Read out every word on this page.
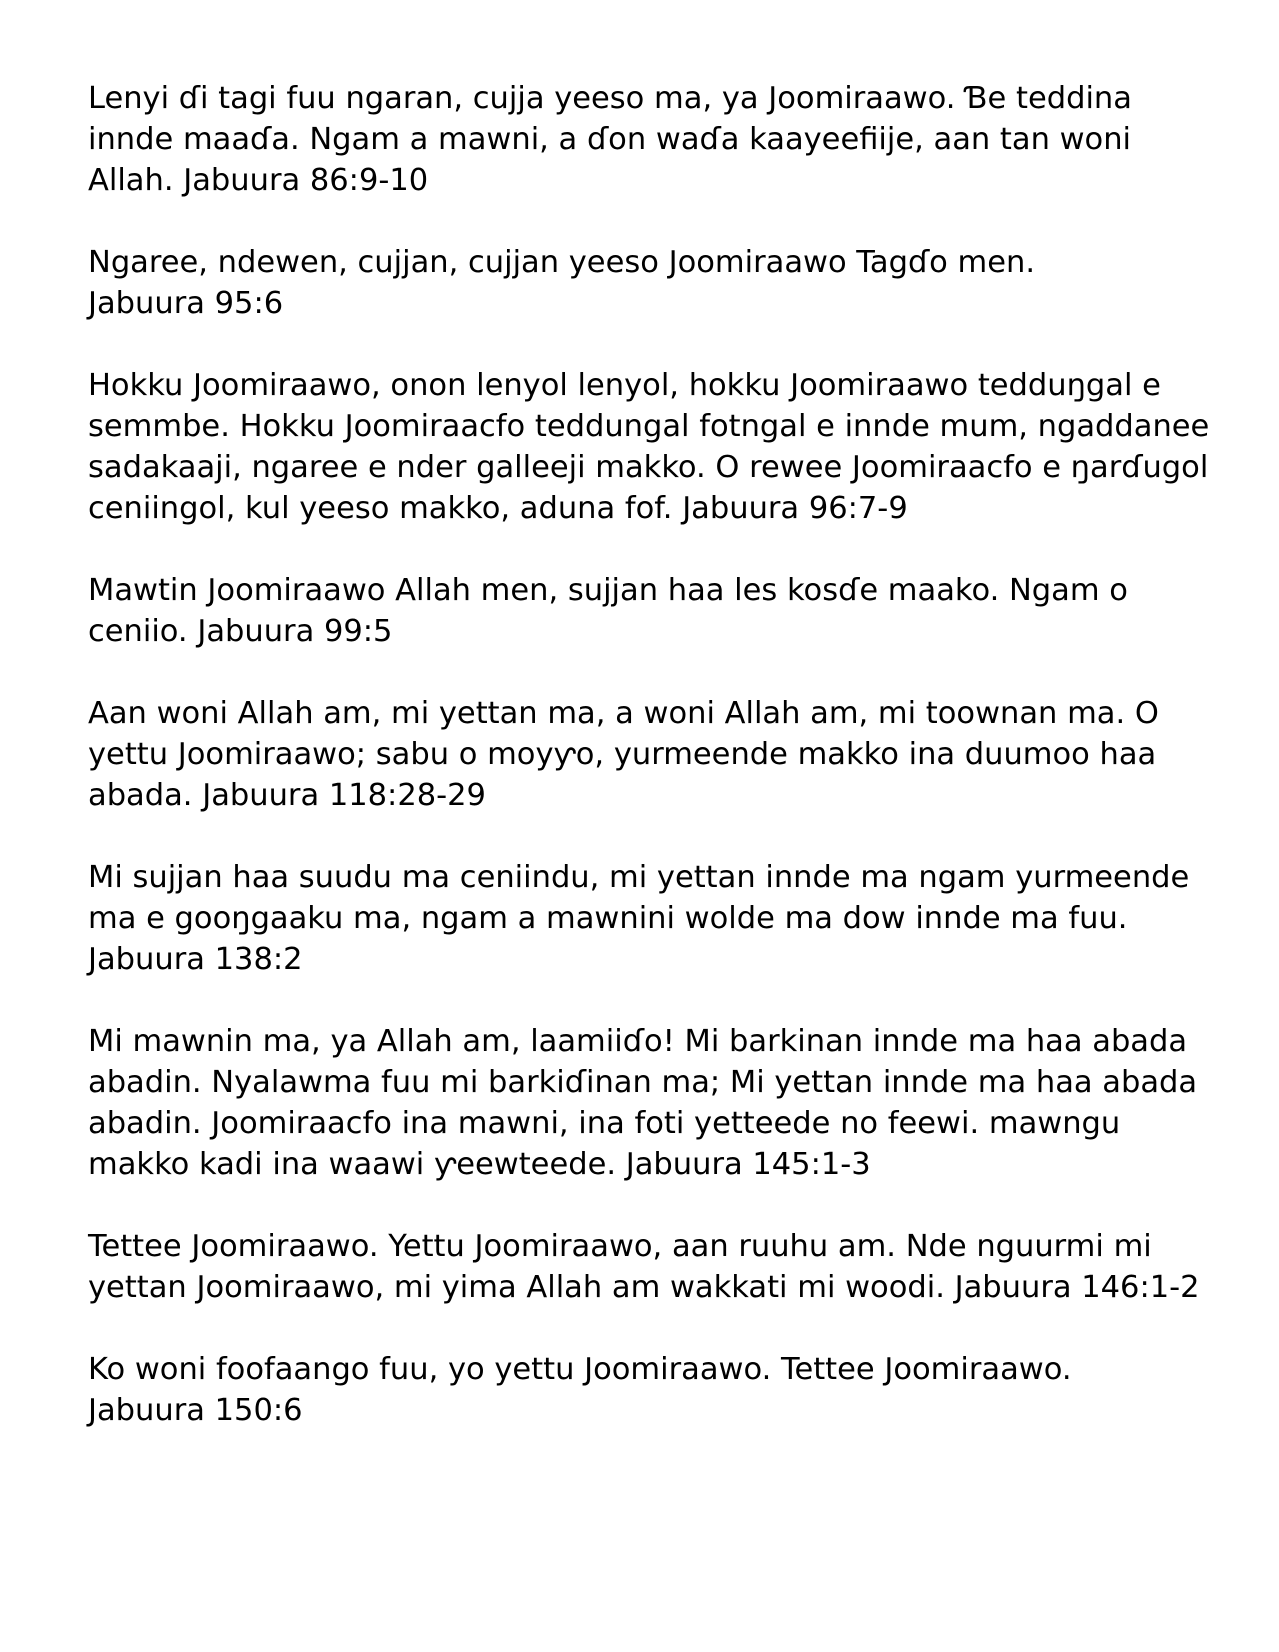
Lenyi ɗi tagi fuu ngaran, cujja yeeso ma, ya Joomiraawo. Ɓe teddina innde maaɗa. Ngam a mawni, a ɗon waɗa kaayeefiije, aan tan woni Allah. Jabuura 86:9-10

Ngaree, ndewen, cujjan, cujjan yeeso Joomiraawo Tagɗo men. Jabuura 95:6

Hokku Joomiraawo, onon lenyol lenyol, hokku Joomiraawo tedduŋgal e semmbe. Hokku Joomiraacfo teddungal fotngal e innde mum, ngaddanee sadakaaji, ngaree e nder galleeji makko. O rewee Joomiraacfo e ŋarɗugol ceniingol, kul yeeso makko, aduna fof. Jabuura 96:7-9

Mawtin Joomiraawo Allah men, sujjan haa les kosɗe maako. Ngam o ceniio. Jabuura 99:5

Aan woni Allah am, mi yettan ma, a woni Allah am, mi toownan ma. O yettu Joomiraawo; sabu o moyƴo, yurmeende makko ina duumoo haa abada. Jabuura 118:28-29

Mi sujjan haa suudu ma ceniindu, mi yettan innde ma ngam yurmeende ma e gooŋgaaku ma, ngam a mawnini wolde ma dow innde ma fuu. Jabuura 138:2

Mi mawnin ma, ya Allah am, laamiiɗo! Mi barkinan innde ma haa abada abadin. Nyalawma fuu mi barkiɗinan ma; Mi yettan innde ma haa abada abadin. Joomiraacfo ina mawni, ina foti yetteede no feewi. mawngu makko kadi ina waawi ƴeewteede. Jabuura 145:1-3

Tettee Joomiraawo. Yettu Joomiraawo, aan ruuhu am. Nde nguurmi mi yettan Joomiraawo, mi yima Allah am wakkati mi woodi. Jabuura 146:1-2

Ko woni foofaango fuu, yo yettu Joomiraawo. Tettee Joomiraawo. Jabuura 150:6
